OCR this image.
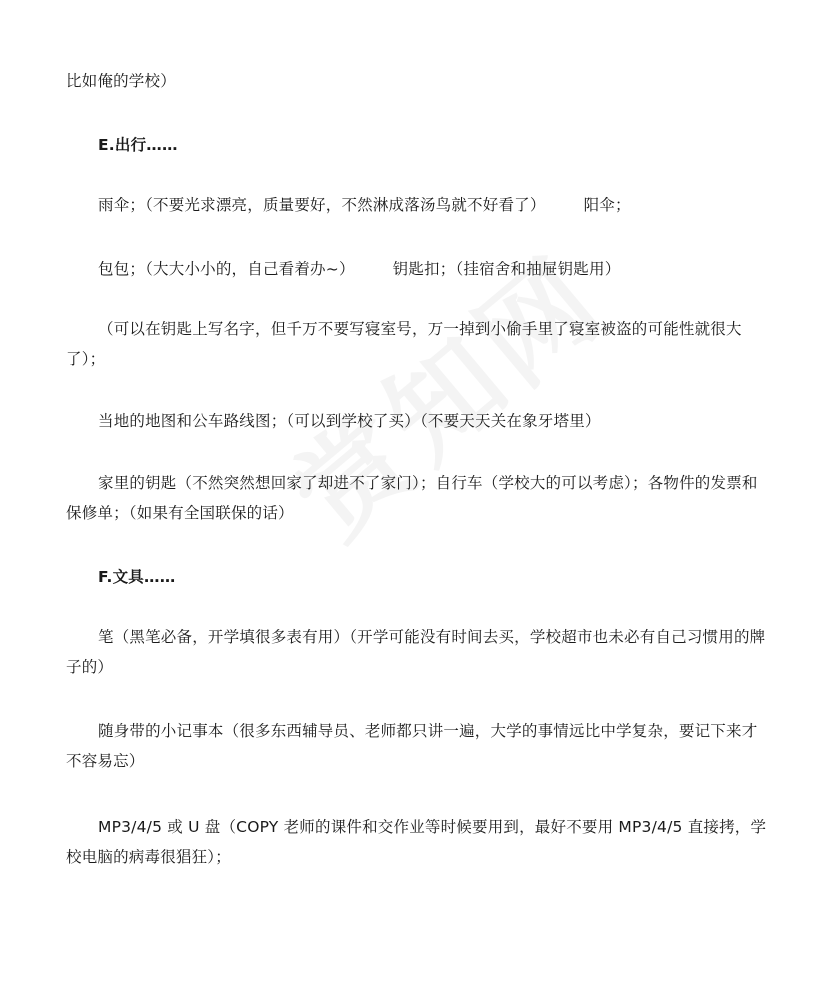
比如俺的学校）

E.出行……

雨伞；（不要光求漂亮，质量要好，不然淋成落汤鸟就不好看了） 阳伞；

包包；（大大小小的，自己看着办~） 钥匙扣；（挂宿舍和抽屉钥匙用）

（可以在钥匙上写名字，但千万不要写寝室号，万一掉到小偷手里了寝室被盗的可能性就很大了）；

当地的地图和公车路线图；（可以到学校了买）（不要天天关在象牙塔里）

家里的钥匙（不然突然想回家了却进不了家门）；自行车（学校大的可以考虑）；各物件的发票和保修单；（如果有全国联保的话）

F.文具……

笔（黑笔必备，开学填很多表有用）（开学可能没有时间去买，学校超市也未必有自己习惯用的牌子的）

随身带的小记事本（很多东西辅导员、老师都只讲一遍，大学的事情远比中学复杂，要记下来才不容易忘）

MP3/4/5 或 U 盘（COPY 老师的课件和交作业等时候要用到，最好不要用 MP3/4/5 直接拷，学校电脑的病毒很猖狂）；
